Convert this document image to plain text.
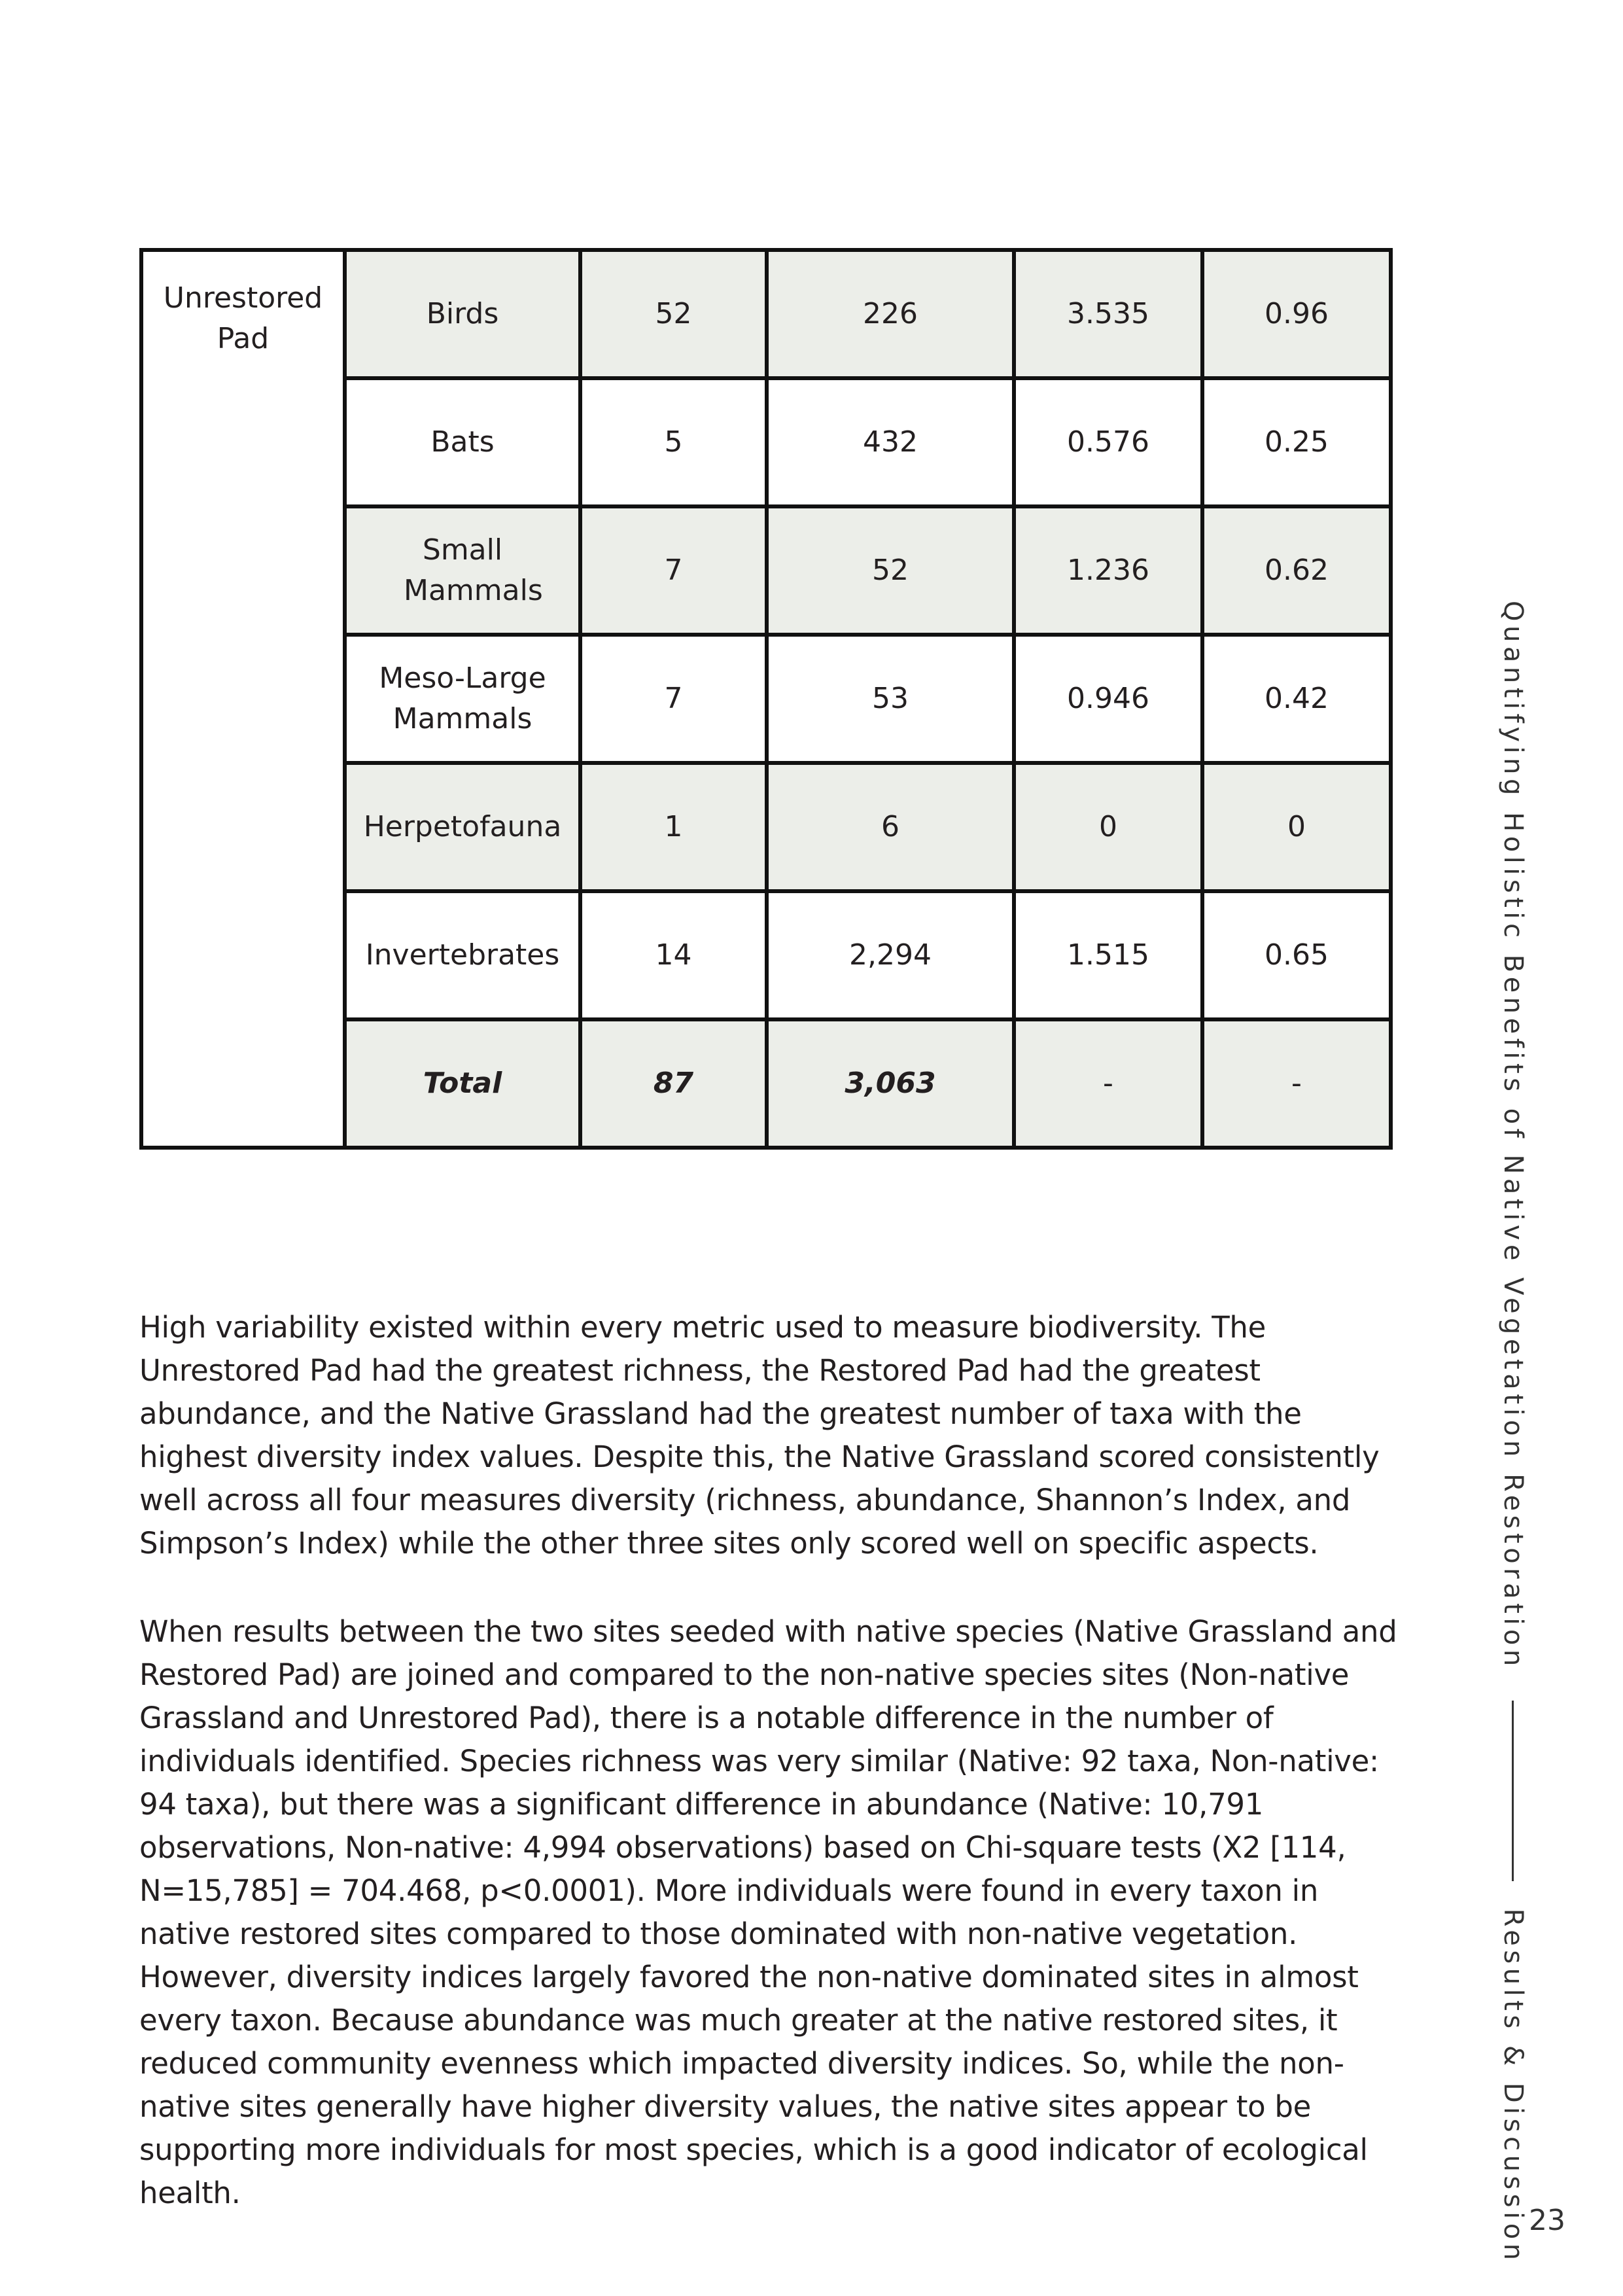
Unrestored Pad	Birds	52	226	3.535	0.96
	Bats	5	432	0.576	0.25
	Small Mammals	7	52	1.236	0.62
	Meso-Large Mammals	7	53	0.946	0.42
	Herpetofauna	1	6	0	0
	Invertebrates	14	2,294	1.515	0.65
	Total	87	3,063	-	-

High variability existed within every metric used to measure biodiversity. The Unrestored Pad had the greatest richness, the Restored Pad had the greatest abundance, and the Native Grassland had the greatest number of taxa with the highest diversity index values. Despite this, the Native Grassland scored consistently well across all four measures diversity (richness, abundance, Shannon’s Index, and Simpson’s Index) while the other three sites only scored well on specific aspects.

When results between the two sites seeded with native species (Native Grassland and Restored Pad) are joined and compared to the non-native species sites (Non-native Grassland and Unrestored Pad), there is a notable difference in the number of individuals identified. Species richness was very similar (Native: 92 taxa, Non-native: 94 taxa), but there was a significant difference in abundance (Native: 10,791 observations, Non-native: 4,994 observations) based on Chi-square tests (X2 [114, N=15,785] = 704.468, p<0.0001). More individuals were found in every taxon in native restored sites compared to those dominated with non-native vegetation. However, diversity indices largely favored the non-native dominated sites in almost every taxon. Because abundance was much greater at the native restored sites, it reduced community evenness which impacted diversity indices. So, while the non-native sites generally have higher diversity values, the native sites appear to be supporting more individuals for most species, which is a good indicator of ecological health.

Quantifying Holistic Benefits of Native Vegetation Restoration
Results & Discussion 23
